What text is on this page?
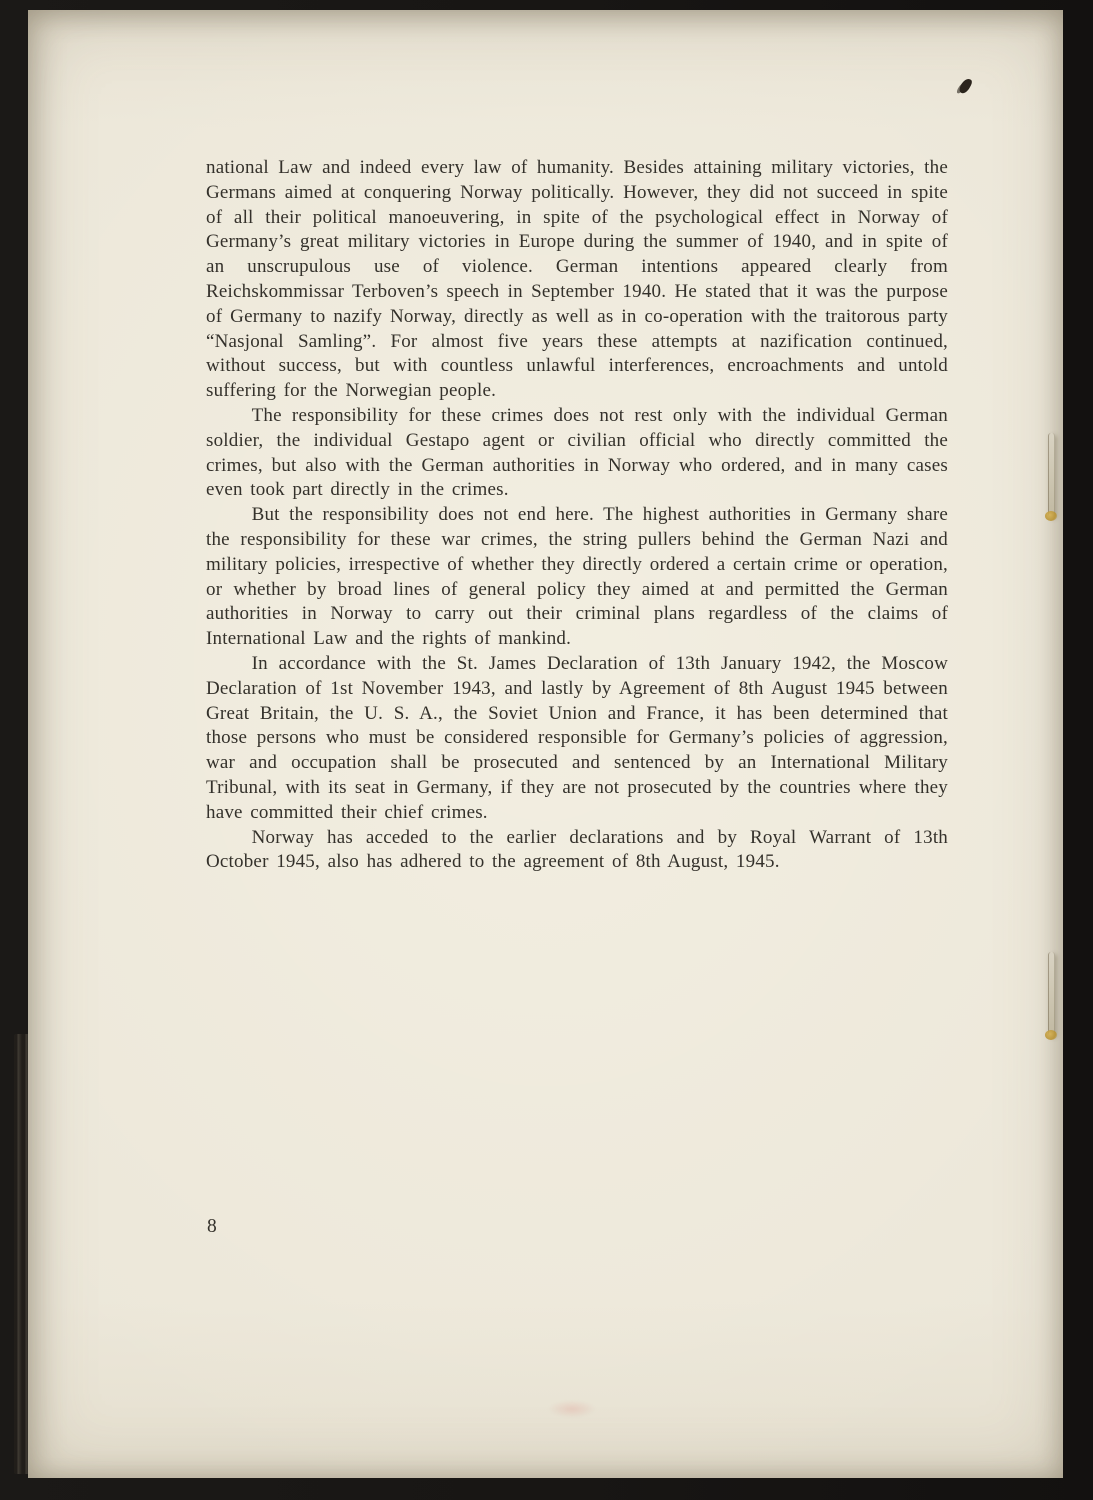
national Law and indeed every law of humanity. Besides attaining military victories, the Germans aimed at conquering Norway politically. However, they did not succeed in spite of all their political manoeuvering, in spite of the psychological effect in Norway of Germany’s great military victories in Europe during the summer of 1940, and in spite of an unscrupulous use of violence. German intentions appeared clearly from Reichskommissar Terboven’s speech in September 1940. He stated that it was the purpose of Germany to nazify Norway, directly as well as in co-operation with the traitorous party “Nasjonal Samling”. For almost five years these attempts at nazification continued, without success, but with countless unlawful interferences, encroachments and untold suffering for the Norwegian people.

The responsibility for these crimes does not rest only with the individual German soldier, the individual Gestapo agent or civilian official who directly committed the crimes, but also with the German authorities in Norway who ordered, and in many cases even took part directly in the crimes.

But the responsibility does not end here. The highest authorities in Germany share the responsibility for these war crimes, the string pullers behind the German Nazi and military policies, irrespective of whether they directly ordered a certain crime or operation, or whether by broad lines of general policy they aimed at and permitted the German authorities in Norway to carry out their criminal plans regardless of the claims of International Law and the rights of mankind.

In accordance with the St. James Declaration of 13th January 1942, the Moscow Declaration of 1st November 1943, and lastly by Agreement of 8th August 1945 between Great Britain, the U. S. A., the Soviet Union and France, it has been determined that those persons who must be considered responsible for Germany’s policies of aggression, war and occupation shall be prosecuted and sentenced by an International Military Tribunal, with its seat in Germany, if they are not prosecuted by the countries where they have committed their chief crimes.

Norway has acceded to the earlier declarations and by Royal Warrant of 13th October 1945, also has adhered to the agreement of 8th August, 1945.

8
